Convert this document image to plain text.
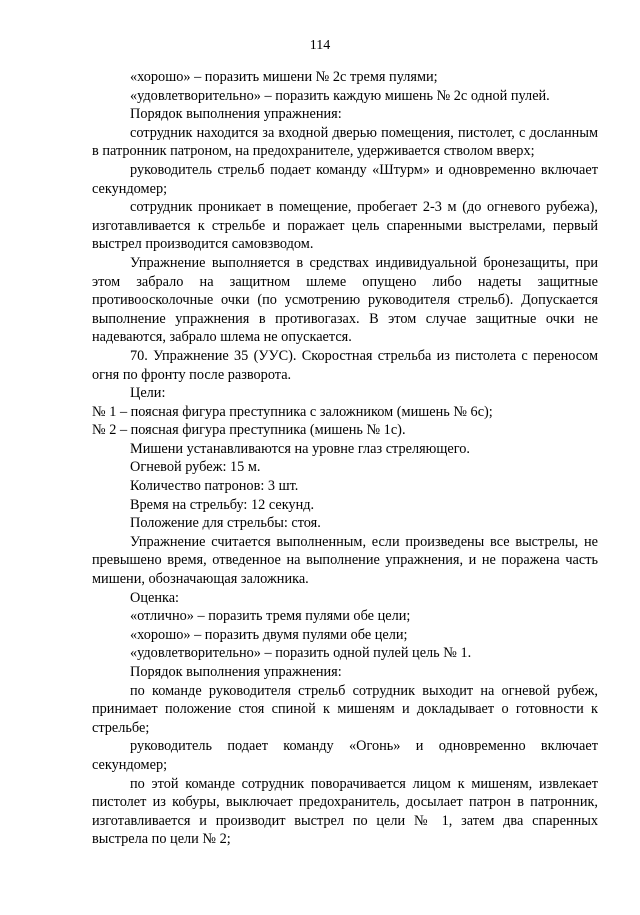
114

«хорошо» – поразить мишени № 2с тремя пулями;

«удовлетворительно» – поразить каждую мишень № 2с одной пулей.

Порядок выполнения упражнения:

сотрудник находится за входной дверью помещения, пистолет, с досланным в патронник патроном, на предохранителе, удерживается стволом вверх;

руководитель стрельб подает команду «Штурм» и одновременно включает секундомер;

сотрудник проникает в помещение, пробегает 2-3 м (до огневого рубежа), изготавливается к стрельбе и поражает цель спаренными выстрелами, первый выстрел производится самовзводом.

Упражнение выполняется в средствах индивидуальной бронезащиты, при этом забрало на защитном шлеме опущено либо надеты защитные противоосколочные очки (по усмотрению руководителя стрельб). Допускается выполнение упражнения в противогазах. В этом случае защитные очки не надеваются, забрало шлема не опускается.

70. Упражнение 35 (УУС). Скоростная стрельба из пистолета с переносом огня по фронту после разворота.

Цели:

№ 1 – поясная фигура преступника с заложником (мишень № 6с);

№ 2 – поясная фигура преступника (мишень № 1с).

Мишени устанавливаются на уровне глаз стреляющего.

Огневой рубеж: 15 м.

Количество патронов: 3 шт.

Время на стрельбу: 12 секунд.

Положение для стрельбы: стоя.

Упражнение считается выполненным, если произведены все выстрелы, не превышено время, отведенное на выполнение упражнения, и не поражена часть мишени, обозначающая заложника.

Оценка:

«отлично» – поразить тремя пулями обе цели;

«хорошо» – поразить двумя пулями обе цели;

«удовлетворительно» – поразить одной пулей цель № 1.

Порядок выполнения упражнения:

по команде руководителя стрельб сотрудник выходит на огневой рубеж, принимает положение стоя спиной к мишеням и докладывает о готовности к стрельбе;

руководитель подает команду «Огонь» и одновременно включает секундомер;

по этой команде сотрудник поворачивается лицом к мишеням, извлекает пистолет из кобуры, выключает предохранитель, досылает патрон в патронник, изготавливается и производит выстрел по цели № 1, затем два спаренных выстрела по цели № 2;
